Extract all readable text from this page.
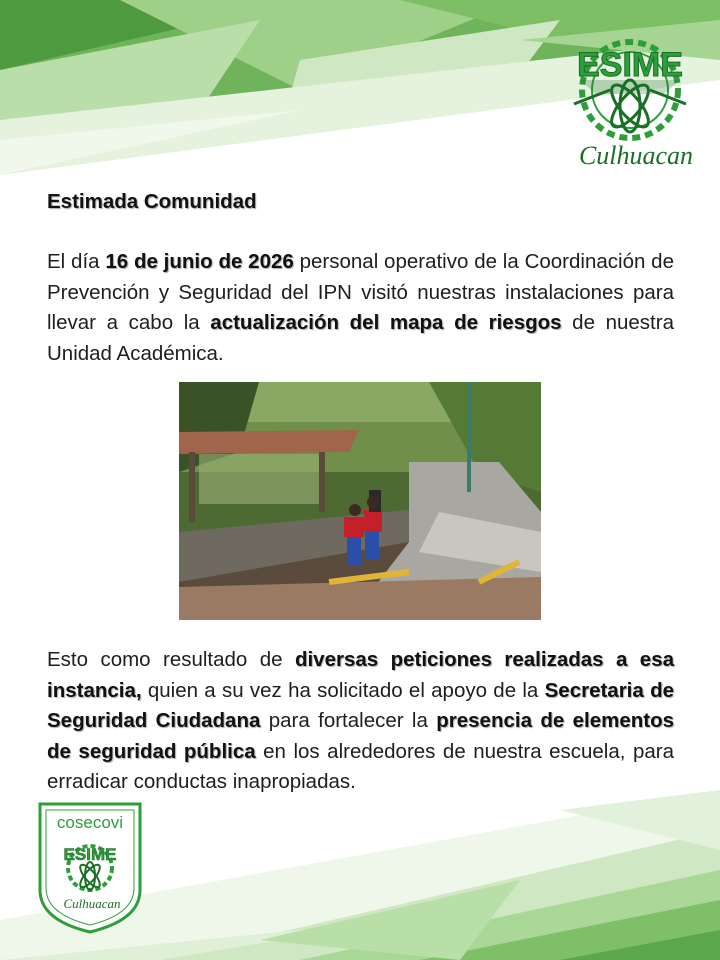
ESIME
Culhuacan
Estimada Comunidad
El día 16 de junio de 2026 personal operativo de la Coordinación de Prevención y Seguridad del IPN visitó nuestras instalaciones para llevar a cabo la actualización del mapa de riesgos de nuestra Unidad Académica.
Esto como resultado de diversas peticiones realizadas a esa instancia, quien a su vez ha solicitado el apoyo de la Secretaria de Seguridad Ciudadana para fortalecer la presencia de elementos de seguridad pública en los alrededores de nuestra escuela, para erradicar conductas inapropiadas.
cosecovi
ESIME
Culhuacan
